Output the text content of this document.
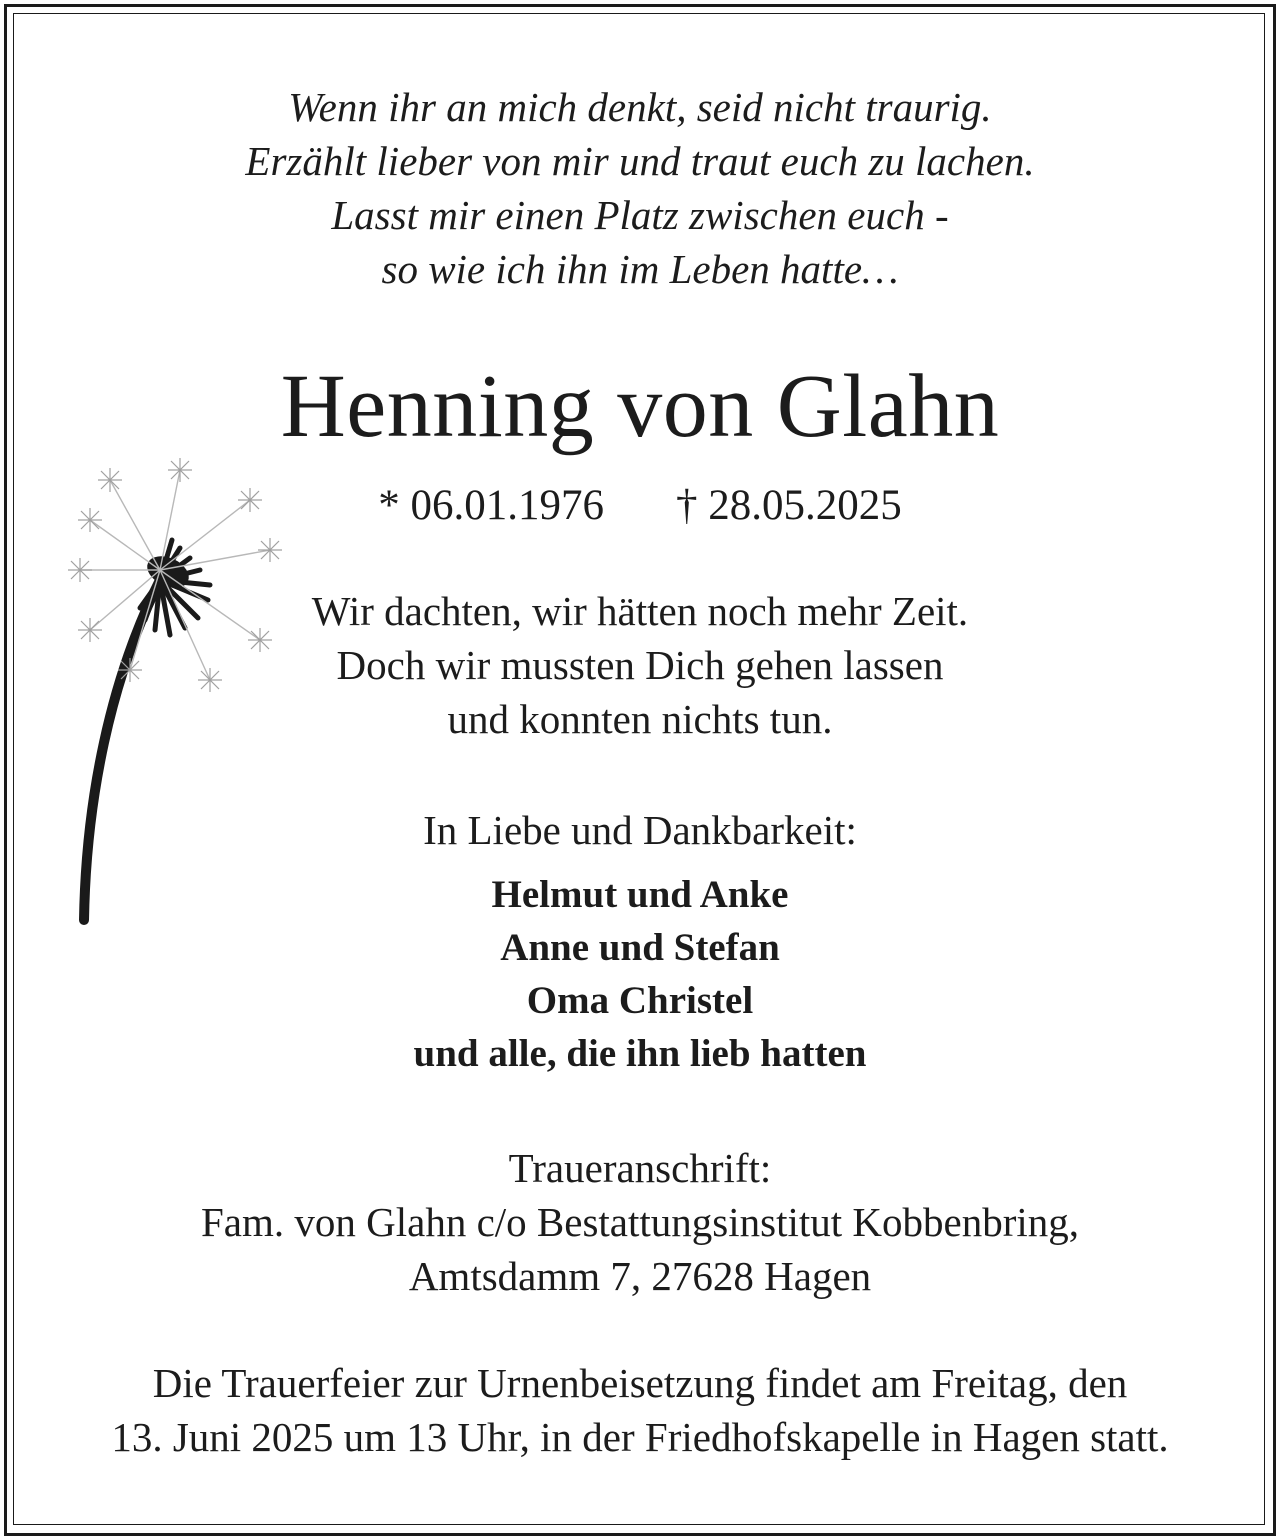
Wenn ihr an mich denkt, seid nicht traurig.
Erzählt lieber von mir und traut euch zu lachen.
Lasst mir einen Platz zwischen euch -
so wie ich ihn im Leben hatte…
Henning von Glahn
* 06.01.1976 † 28.05.2025
Wir dachten, wir hätten noch mehr Zeit.
Doch wir mussten Dich gehen lassen
und konnten nichts tun.
In Liebe und Dankbarkeit:
Helmut und Anke
Anne und Stefan
Oma Christel
und alle, die ihn lieb hatten
Traueranschrift:
Fam. von Glahn c/o Bestattungsinstitut Kobbenbring,
Amtsdamm 7, 27628 Hagen
Die Trauerfeier zur Urnenbeisetzung findet am Freitag, den
13. Juni 2025 um 13 Uhr, in der Friedhofskapelle in Hagen statt.
